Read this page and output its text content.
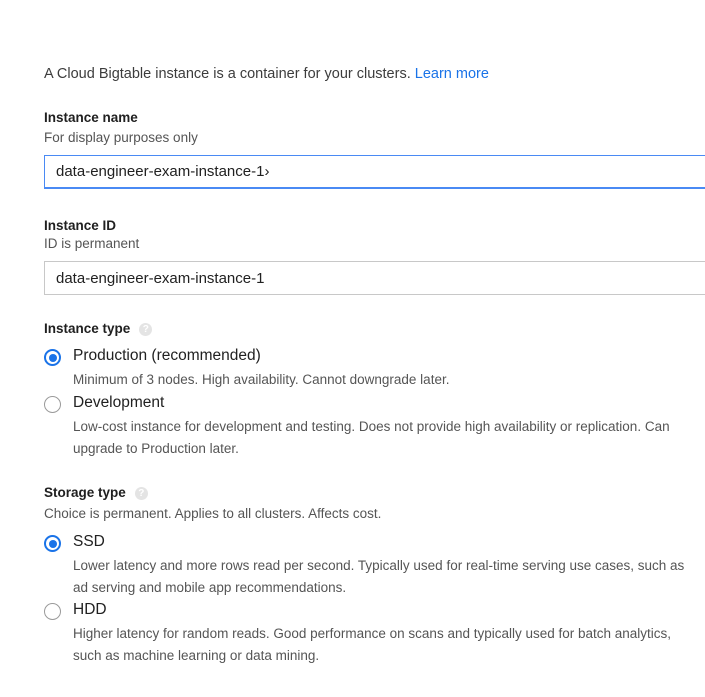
A Cloud Bigtable instance is a container for your clusters. Learn more
Instance name
For display purposes only
data-engineer-exam-instance-1›
Instance ID
ID is permanent
data-engineer-exam-instance-1
Instance type ?
Production (recommended)
Minimum of 3 nodes. High availability. Cannot downgrade later.
Development
Low-cost instance for development and testing. Does not provide high availability or replication. Can upgrade to Production later.
Storage type ?
Choice is permanent. Applies to all clusters. Affects cost.
SSD
Lower latency and more rows read per second. Typically used for real-time serving use cases, such as ad serving and mobile app recommendations.
HDD
Higher latency for random reads. Good performance on scans and typically used for batch analytics, such as machine learning or data mining.
